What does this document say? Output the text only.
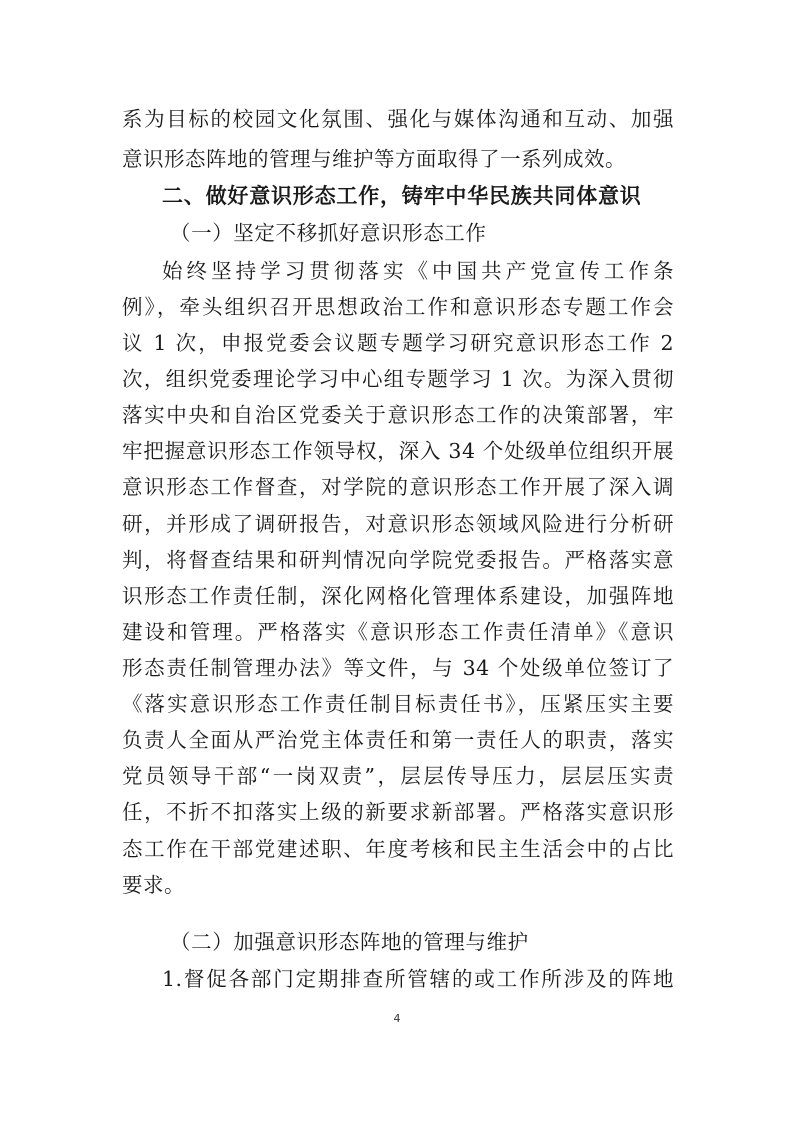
系为目标的校园文化氛围、强化与媒体沟通和互动、加强
意识形态阵地的管理与维护等方面取得了一系列成效。
二、做好意识形态工作，铸牢中华民族共同体意识
（一）坚定不移抓好意识形态工作
始终坚持学习贯彻落实《中国共产党宣传工作条
例》，牵头组织召开思想政治工作和意识形态专题工作会
议 1 次，申报党委会议题专题学习研究意识形态工作 2
次，组织党委理论学习中心组专题学习 1 次。为深入贯彻
落实中央和自治区党委关于意识形态工作的决策部署，牢
牢把握意识形态工作领导权，深入 34 个处级单位组织开展
意识形态工作督查，对学院的意识形态工作开展了深入调
研，并形成了调研报告，对意识形态领域风险进行分析研
判，将督查结果和研判情况向学院党委报告。严格落实意
识形态工作责任制，深化网格化管理体系建设，加强阵地
建设和管理。严格落实《意识形态工作责任清单》《意识
形态责任制管理办法》等文件，与 34 个处级单位签订了
《落实意识形态工作责任制目标责任书》，压紧压实主要
负责人全面从严治党主体责任和第一责任人的职责，落实
党员领导干部“一岗双责”，层层传导压力，层层压实责
任，不折不扣落实上级的新要求新部署。严格落实意识形
态工作在干部党建述职、年度考核和民主生活会中的占比
要求。
（二）加强意识形态阵地的管理与维护
1.督促各部门定期排查所管辖的或工作所涉及的阵地
4
